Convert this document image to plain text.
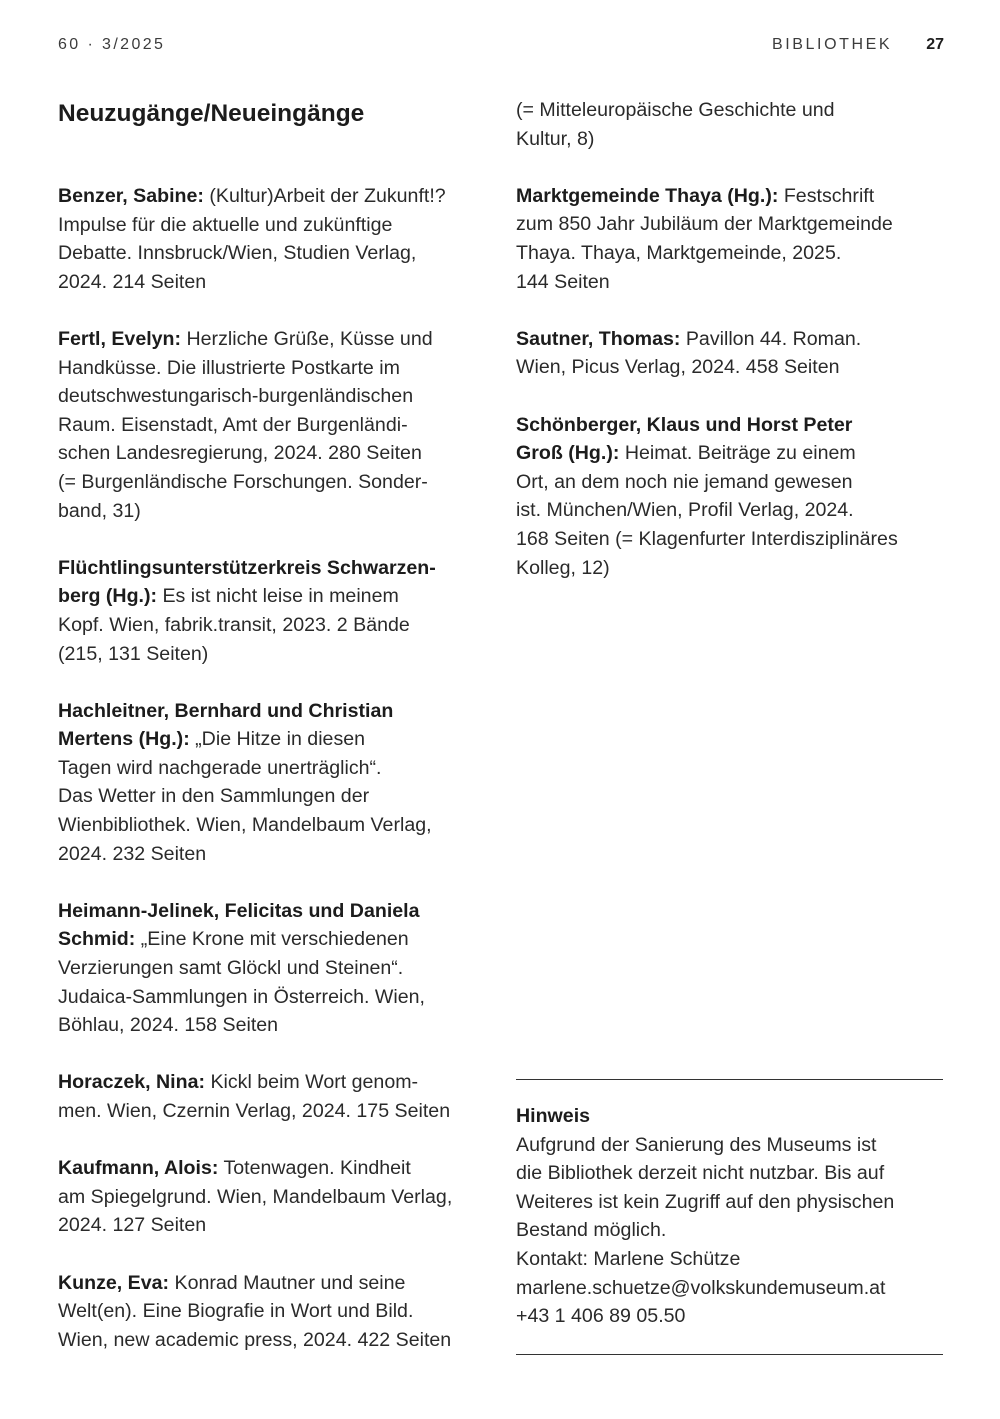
60 · 3/2025	BIBLIOTHEK 27
Neuzugänge/Neueingänge
Benzer, Sabine: (Kultur)Arbeit der Zukunft!?
Impulse für die aktuelle und zukünftige
Debatte. Innsbruck/Wien, Studien Verlag,
2024. 214 Seiten
Fertl, Evelyn: Herzliche Grüße, Küsse und
Handküsse. Die illustrierte Postkarte im
deutschwestungarisch-burgenländischen
Raum. Eisenstadt, Amt der Burgenländi-
schen Landesregierung, 2024. 280 Seiten
(= Burgenländische Forschungen. Sonder-
band, 31)
Flüchtlingsunterstützerkreis Schwarzen-
berg (Hg.): Es ist nicht leise in meinem
Kopf. Wien, fabrik.transit, 2023. 2 Bände
(215, 131 Seiten)
Hachleitner, Bernhard und Christian
Mertens (Hg.): „Die Hitze in diesen
Tagen wird nachgerade unerträglich“.
Das Wetter in den Sammlungen der
Wienbibliothek. Wien, Mandelbaum Verlag,
2024. 232 Seiten
Heimann-Jelinek, Felicitas und Daniela
Schmid: „Eine Krone mit verschiedenen
Verzierungen samt Glöckl und Steinen“.
Judaica-Sammlungen in Österreich. Wien,
Böhlau, 2024. 158 Seiten
Horaczek, Nina: Kickl beim Wort genom-
men. Wien, Czernin Verlag, 2024. 175 Seiten
Kaufmann, Alois: Totenwagen. Kindheit
am Spiegelgrund. Wien, Mandelbaum Verlag,
2024. 127 Seiten
Kunze, Eva: Konrad Mautner und seine
Welt(en). Eine Biografie in Wort und Bild.
Wien, new academic press, 2024. 422 Seiten
(= Mitteleuropäische Geschichte und
Kultur, 8)
Marktgemeinde Thaya (Hg.): Festschrift
zum 850 Jahr Jubiläum der Marktgemeinde
Thaya. Thaya, Marktgemeinde, 2025.
144 Seiten
Sautner, Thomas: Pavillon 44. Roman.
Wien, Picus Verlag, 2024. 458 Seiten
Schönberger, Klaus und Horst Peter
Groß (Hg.): Heimat. Beiträge zu einem
Ort, an dem noch nie jemand gewesen
ist. München/Wien, Profil Verlag, 2024.
168 Seiten (= Klagenfurter Interdisziplinäres
Kolleg, 12)
Hinweis
Aufgrund der Sanierung des Museums ist
die Bibliothek derzeit nicht nutzbar. Bis auf
Weiteres ist kein Zugriff auf den physischen
Bestand möglich.
Kontakt: Marlene Schütze
marlene.schuetze@volkskundemuseum.at
+43 1 406 89 05.50
